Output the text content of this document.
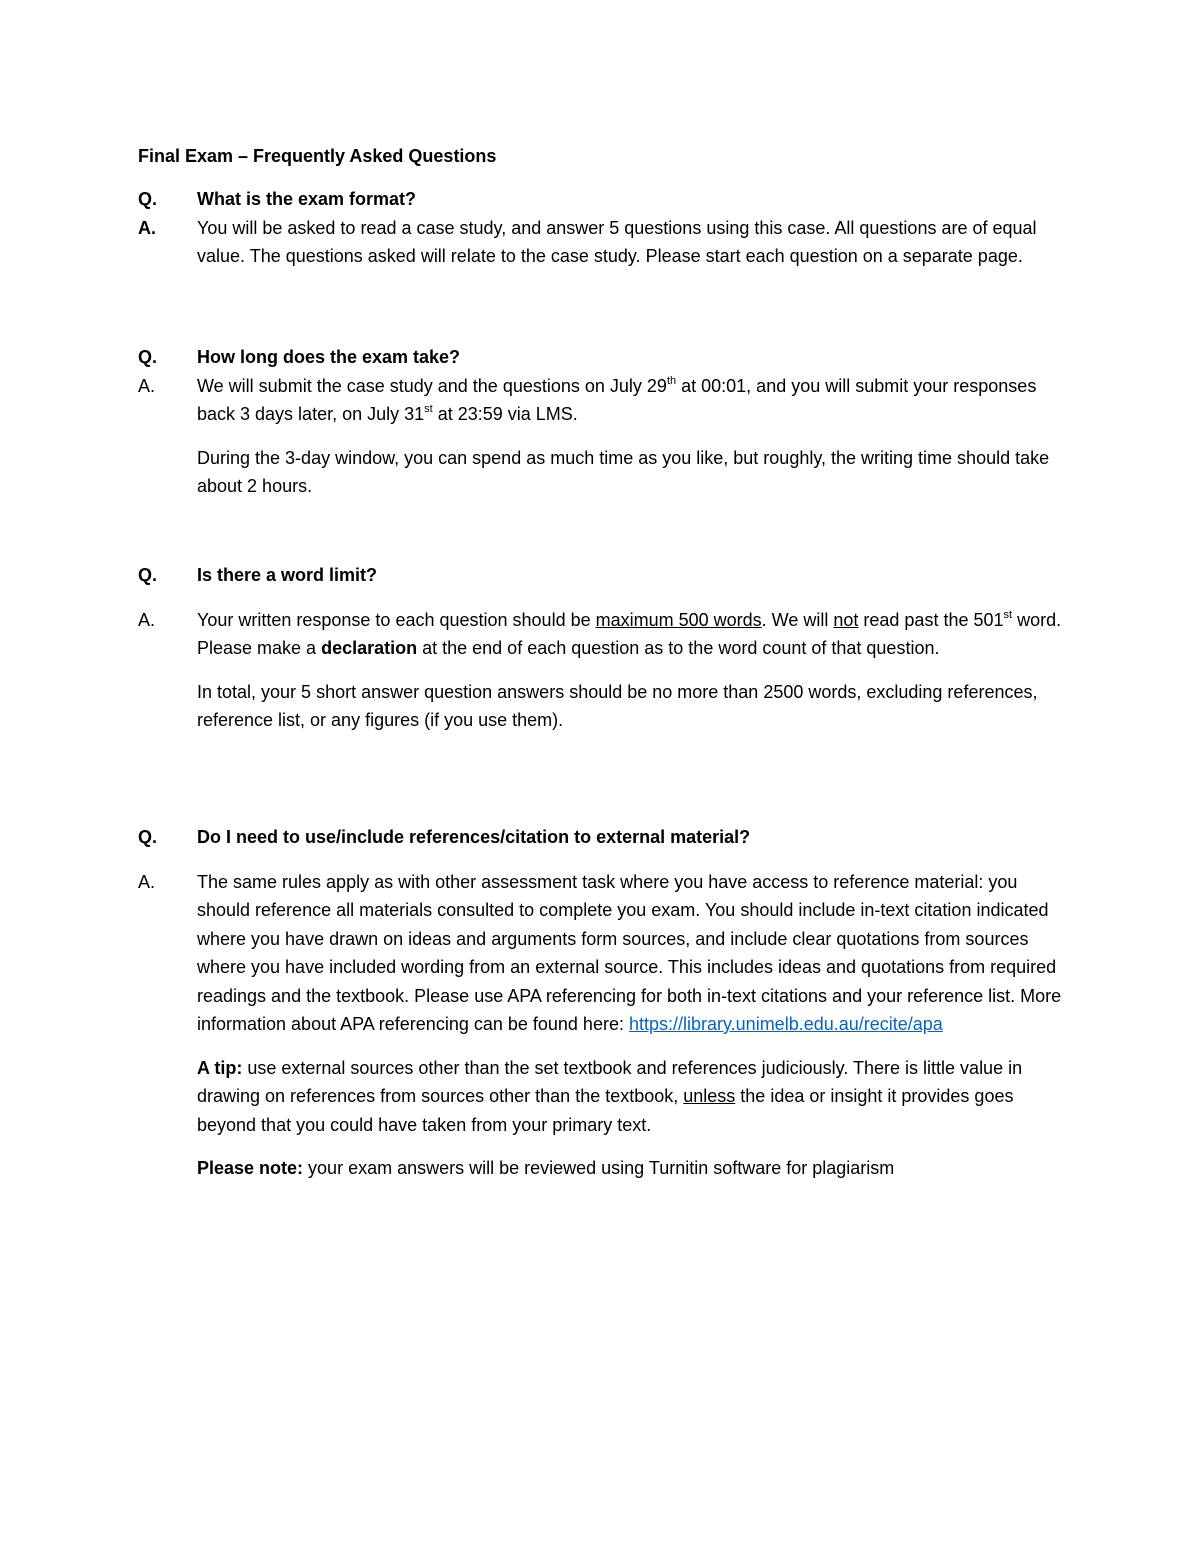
Final Exam – Frequently Asked Questions

Q.	What is the exam format?
A.	You will be asked to read a case study, and answer 5 questions using this case. All questions are of equal value. The questions asked will relate to the case study. Please start each question on a separate page.
Q.	How long does the exam take?
A.	We will submit the case study and the questions on July 29th at 00:01, and you will submit your responses back 3 days later, on July 31st at 23:59 via LMS.

During the 3-day window, you can spend as much time as you like, but roughly, the writing time should take about 2 hours.

Q.	Is there a word limit?
A.	Your written response to each question should be maximum 500 words. We will not read past the 501st word. Please make a declaration at the end of each question as to the word count of that question.

In total, your 5 short answer question answers should be no more than 2500 words, excluding references, reference list, or any figures (if you use them).

Q.	Do I need to use/include references/citation to external material?
A.	The same rules apply as with other assessment task where you have access to reference material: you should reference all materials consulted to complete you exam. You should include in-text citation indicated where you have drawn on ideas and arguments form sources, and include clear quotations from sources where you have included wording from an external source. This includes ideas and quotations from required readings and the textbook. Please use APA referencing for both in-text citations and your reference list. More information about APA referencing can be found here: https://library.unimelb.edu.au/recite/apa

A tip: use external sources other than the set textbook and references judiciously. There is little value in drawing on references from sources other than the textbook, unless the idea or insight it provides goes beyond that you could have taken from your primary text.

Please note: your exam answers will be reviewed using Turnitin software for plagiarism
